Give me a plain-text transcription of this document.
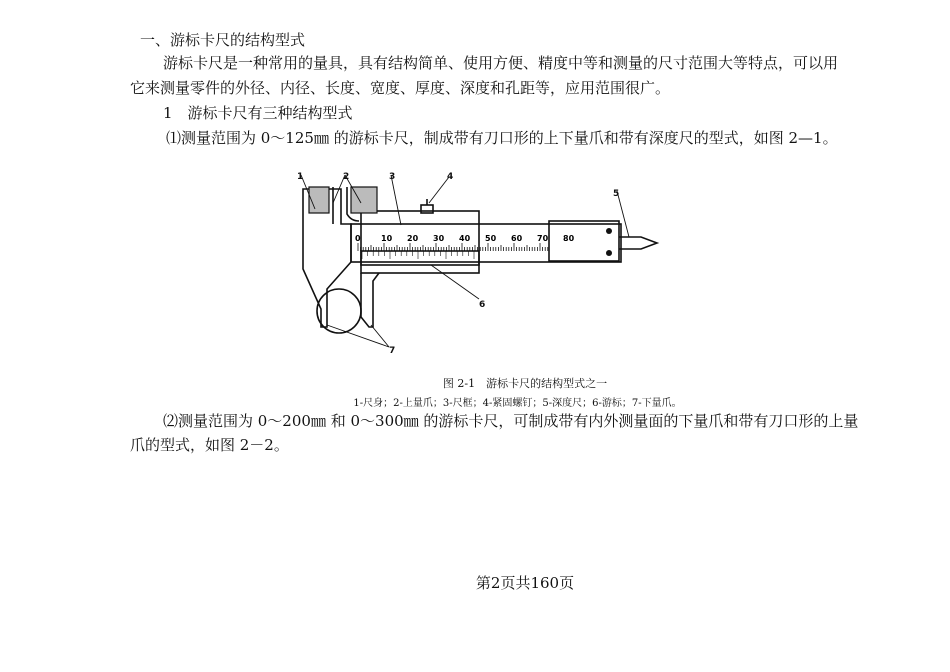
一、游标卡尺的结构型式
游标卡尺是一种常用的量具，具有结构简单、使用方便、精度中等和测量的尺寸范围大等特点，可以用
它来测量零件的外径、内径、长度、宽度、厚度、深度和孔距等，应用范围很广。
1　游标卡尺有三种结构型式
⑴测量范围为 0～125㎜ 的游标卡尺，制成带有刀口形的上下量爪和带有深度尺的型式，如图 2—1。
0	10 20 30 40 50 60 70 80
1	2	3	4
5
6
7
图 2-1　游标卡尺的结构型式之一
1-尺身；2-上量爪；3-尺框；4-紧固螺钉；5-深度尺；6-游标；7-下量爪。
⑵测量范围为 0～200㎜ 和 0～300㎜ 的游标卡尺，可制成带有内外测量面的下量爪和带有刀口形的上量
爪的型式，如图 2－2。
第2页共160页
